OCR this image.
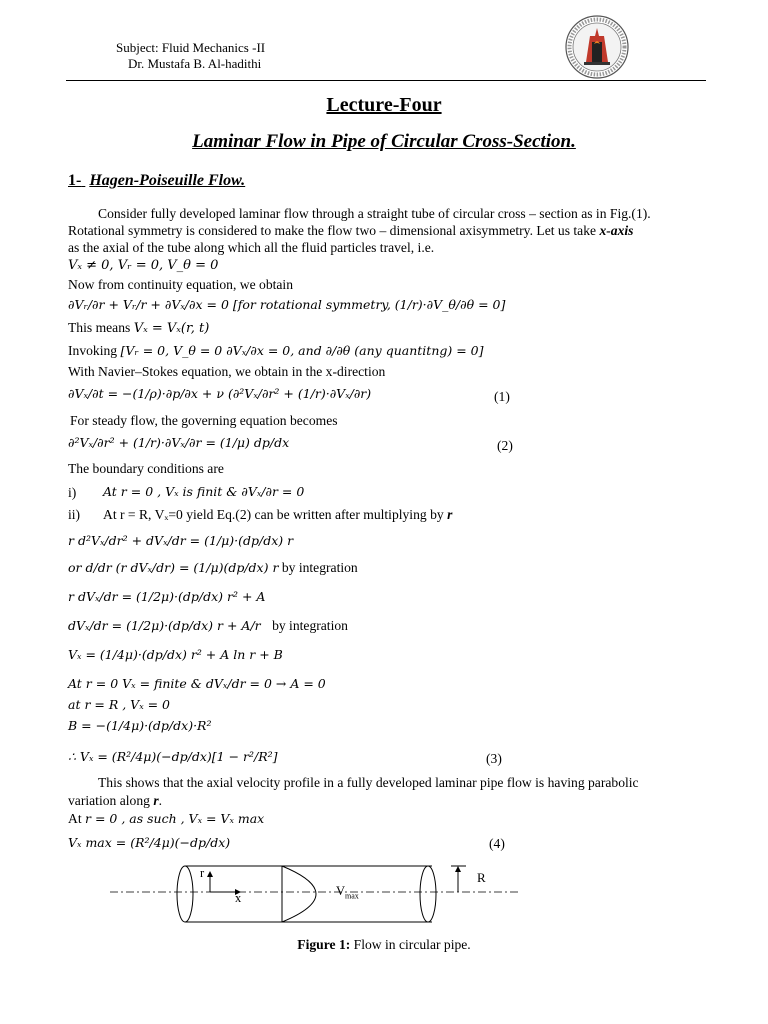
Subject: Fluid Mechanics -II
Dr. Mustafa B. Al-hadithi
Lecture-Four
Laminar Flow in Pipe of Circular Cross-Section.
1- Hagen-Poiseuille Flow.
Consider fully developed laminar flow through a straight tube of circular cross – section as in Fig.(1).
Rotational symmetry is considered to make the flow two – dimensional axisymmetry. Let us take x-axis
as the axial of the tube along which all the fluid particles travel, i.e.
Vₓ ≠ 0, Vᵣ = 0, V_θ = 0
Now from continuity equation, we obtain
∂Vᵣ/∂r + Vᵣ/r + ∂Vₓ/∂x = 0 [for rotational symmetry, (1/r)·∂V_θ/∂θ = 0]
This means Vₓ = Vₓ(r, t)
Invoking [Vᵣ = 0, V_θ = 0 ∂Vₓ/∂x = 0, and ∂/∂θ (any quantitng) = 0]
With Navier–Stokes equation, we obtain in the x-direction
∂Vₓ/∂t = −(1/ρ)·∂p/∂x + ν (∂²Vₓ/∂r² + (1/r)·∂Vₓ/∂r)	(1)
For steady flow, the governing equation becomes
∂²Vₓ/∂r² + (1/r)·∂Vₓ/∂r = (1/μ) dp/dx	(2)
The boundary conditions are
i) At r = 0 , Vₓ is finit & ∂Vₓ/∂r = 0
ii) At r = R, Vₓ=0 yield Eq.(2) can be written after multiplying by r
r d²Vₓ/dr² + dVₓ/dr = (1/μ)·(dp/dx) r
or d/dr (r dVₓ/dr) = (1/μ)(dp/dx) r by integration
r dVₓ/dr = (1/2μ)·(dp/dx) r² + A
dVₓ/dr = (1/2μ)·(dp/dx) r + A/r by integration
Vₓ = (1/4μ)·(dp/dx) r² + A ln r + B
At r = 0 Vₓ = finite & dVₓ/dr = 0 → A = 0
at r = R , Vₓ = 0
B = −(1/4μ)·(dp/dx)·R²
∴ Vₓ = (R²/4μ)(−dp/dx)[1 − r²/R²]	(3)
This shows that the axial velocity profile in a fully developed laminar pipe flow is having parabolic
variation along r.
At r = 0 , as such , Vₓ = Vₓ max
Vₓ max = (R²/4μ)(−dp/dx)	(4)
r
x	$V_{max}$
R
Figure 1: Flow in circular pipe.
